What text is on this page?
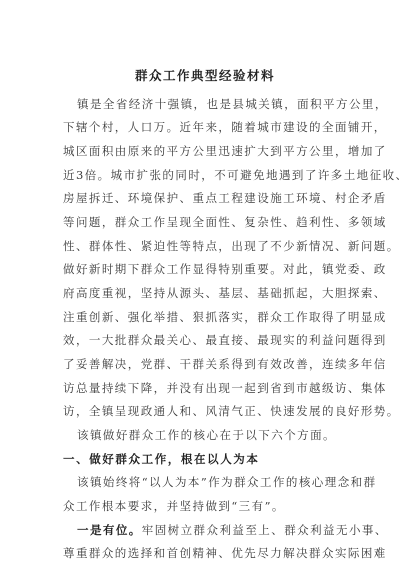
群众工作典型经验材料
镇是全省经济十强镇，也是县城关镇，面积平方公里，
下辖个村，人口万。近年来，随着城市建设的全面铺开，
城区面积由原来的平方公里迅速扩大到平方公里，增加了
近3倍。城市扩张的同时，不可避免地遇到了许多土地征收、
房屋拆迁、环境保护、重点工程建设施工环境、村企矛盾
等问题，群众工作呈现全面性、复杂性、趋利性、多领域
性、群体性、紧迫性等特点，出现了不少新情况、新问题。
做好新时期下群众工作显得特别重要。对此，镇党委、政
府高度重视，坚持从源头、基层、基础抓起，大胆探索、
注重创新、强化举措、狠抓落实，群众工作取得了明显成
效，一大批群众最关心、最直接、最现实的利益问题得到
了妥善解决，党群、干群关系得到有效改善，连续多年信
访总量持续下降，并没有出现一起到省到市越级访、集体
访，全镇呈现政通人和、风清气正、快速发展的良好形势。
该镇做好群众工作的核心在于以下六个方面。
一、做好群众工作，根在以人为本
该镇始终将“以人为本”作为群众工作的核心理念和群
众工作根本要求，并坚持做到“三有”。
一是有位。牢固树立群众利益至上、群众利益无小事、
尊重群众的选择和首创精神、优先尽力解决群众实际困难
